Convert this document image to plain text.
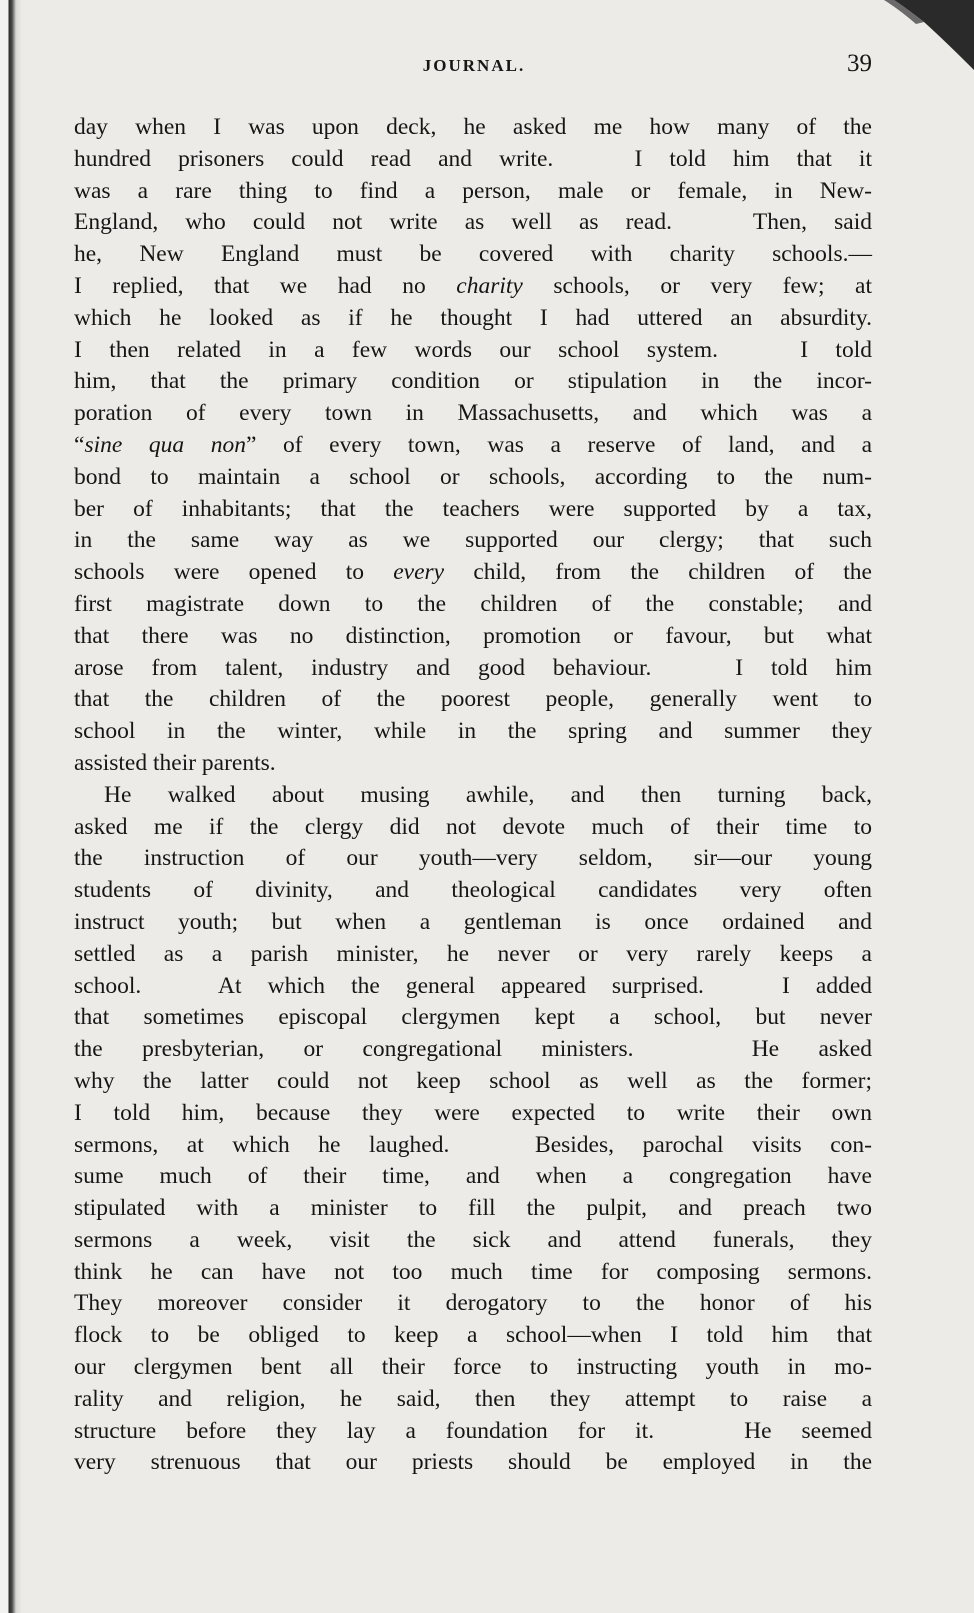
JOURNAL.	39
day when I was upon deck, he asked me how many of the
hundred prisoners could read and write.   I told him that it
was a rare thing to find a person, male or female, in New-
England, who could not write as well as read.   Then, said
he, New England must be covered with charity schools.—
I replied, that we had no charity schools, or very few; at
which he looked as if he thought I had uttered an absurdity.
I then related in a few words our school system.   I told
him, that the primary condition or stipulation in the incor-
poration of every town in Massachusetts, and which was a
“sine qua non” of every town, was a reserve of land, and a
bond to maintain a school or schools, according to the num-
ber of inhabitants; that the teachers were supported by a tax,
in the same way as we supported our clergy; that such
schools were opened to every child, from the children of the
first magistrate down to the children of the constable; and
that there was no distinction, promotion or favour, but what
arose from talent, industry and good behaviour.   I told him
that the children of the poorest people, generally went to
school in the winter, while in the spring and summer they
assisted their parents.
He walked about musing awhile, and then turning back,
asked me if the clergy did not devote much of their time to
the instruction of our youth—very seldom, sir—our young
students of divinity, and theological candidates very often
instruct youth; but when a gentleman is once ordained and
settled as a parish minister, he never or very rarely keeps a
school.   At which the general appeared surprised.   I added
that sometimes episcopal clergymen kept a school, but never
the presbyterian, or congregational ministers.   He asked
why the latter could not keep school as well as the former;
I told him, because they were expected to write their own
sermons, at which he laughed.   Besides, parochal visits con-
sume much of their time, and when a congregation have
stipulated with a minister to fill the pulpit, and preach two
sermons a week, visit the sick and attend funerals, they
think he can have not too much time for composing sermons.
They moreover consider it derogatory to the honor of his
flock to be obliged to keep a school—when I told him that
our clergymen bent all their force to instructing youth in mo-
rality and religion, he said, then they attempt to raise a
structure before they lay a foundation for it.   He seemed
very strenuous that our priests should be employed in the
